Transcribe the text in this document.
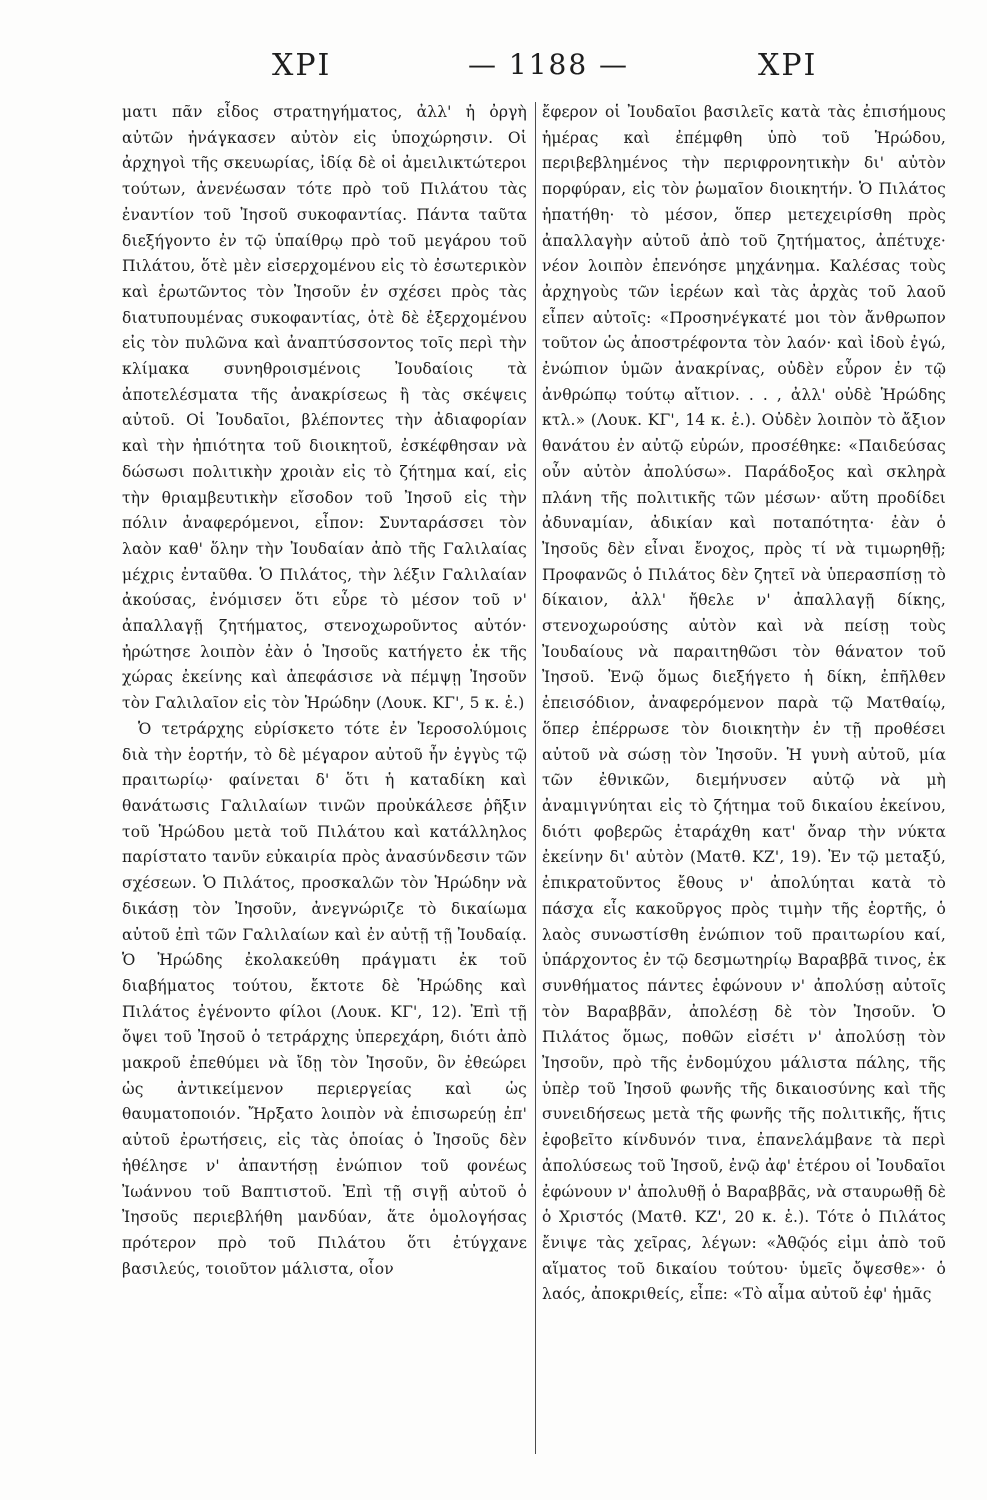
ΧΡΙ	— 1188 —	ΧΡΙ

ματι πᾶν εἶδος στρατηγήματος, ἀλλ' ἡ ὀργὴ αὐτῶν ἠνάγκασεν αὐτὸν εἰς ὑποχώρησιν. Οἱ ἀρχηγοὶ τῆς σκευωρίας, ἰδίᾳ δὲ οἱ ἀμειλικτώτεροι τούτων, ἀνενέωσαν τότε πρὸ τοῦ Πιλάτου τὰς ἐναντίον τοῦ Ἰησοῦ συκοφαντίας. Πάντα ταῦτα διεξήγοντο ἐν τῷ ὑπαίθρῳ πρὸ τοῦ μεγάρου τοῦ Πιλάτου, ὅτὲ μὲν εἰσερχομένου εἰς τὸ ἐσωτερικὸν καὶ ἐρωτῶντος τὸν Ἰησοῦν ἐν σχέσει πρὸς τὰς διατυπουμένας συκοφαντίας, ὁτὲ δὲ ἐξερχομένου εἰς τὸν πυλῶνα καὶ ἀναπτύσσοντος τοῖς περὶ τὴν κλίμακα συνηθροισμένοις Ἰουδαίοις τὰ ἀποτελέσματα τῆς ἀνακρίσεως ἢ τὰς σκέψεις αὐτοῦ. Οἱ Ἰουδαῖοι, βλέποντες τὴν ἀδιαφορίαν καὶ τὴν ἠπιότητα τοῦ διοικητοῦ, ἐσκέφθησαν νὰ δώσωσι πολιτικὴν χροιὰν εἰς τὸ ζήτημα καί, εἰς τὴν θριαμβευτικὴν εἴσοδον τοῦ Ἰησοῦ εἰς τὴν πόλιν ἀναφερόμενοι, εἶπον: Συνταράσσει τὸν λαὸν καθ' ὅλην τὴν Ἰουδαίαν ἀπὸ τῆς Γαλιλαίας μέχρις ἐνταῦθα. Ὁ Πιλάτος, τὴν λέξιν Γαλιλαίαν ἀκούσας, ἐνόμισεν ὅτι εὗρε τὸ μέσον τοῦ ν' ἀπαλλαγῇ ζητήματος, στενοχωροῦντος αὐτόν· ἠρώτησε λοιπὸν ἐὰν ὁ Ἰησοῦς κατήγετο ἐκ τῆς χώρας ἐκείνης καὶ ἀπεφάσισε νὰ πέμψῃ Ἰησοῦν τὸν Γαλιλαῖον εἰς τὸν Ἡρώδην (Λουκ. ΚΓ', 5 κ. ἑ.)

Ὁ τετράρχης εὑρίσκετο τότε ἐν Ἱεροσολύμοις διὰ τὴν ἑορτήν, τὸ δὲ μέγαρον αὐτοῦ ἦν ἐγγὺς τῷ πραιτωρίῳ· φαίνεται δ' ὅτι ἡ καταδίκη καὶ θανάτωσις Γαλιλαίων τινῶν προὐκάλεσε ῥῆξιν τοῦ Ἡρώδου μετὰ τοῦ Πιλάτου καὶ κατάλληλος παρίστατο τανῦν εὐκαιρία πρὸς ἀνασύνδεσιν τῶν σχέσεων. Ὁ Πιλάτος, προσκαλῶν τὸν Ἡρώδην νὰ δικάσῃ τὸν Ἰησοῦν, ἀνεγνώριζε τὸ δικαίωμα αὐτοῦ ἐπὶ τῶν Γαλιλαίων καὶ ἐν αὐτῇ τῇ Ἰουδαίᾳ. Ὁ Ἡρώδης ἐκολακεύθη πράγματι ἐκ τοῦ διαβήματος τούτου, ἔκτοτε δὲ Ἡρώδης καὶ Πιλάτος ἐγένοντο φίλοι (Λουκ. ΚΓ', 12). Ἐπὶ τῇ ὄψει τοῦ Ἰησοῦ ὁ τετράρχης ὑπερεχάρη, διότι ἀπὸ μακροῦ ἐπεθύμει νὰ ἴδῃ τὸν Ἰησοῦν, ὃν ἐθεώρει ὡς ἀντικείμενον περιεργείας καὶ ὡς θαυματοποιόν. Ἤρξατο λοιπὸν νὰ ἐπισωρεύῃ ἐπ' αὐτοῦ ἐρωτήσεις, εἰς τὰς ὁποίας ὁ Ἰησοῦς δὲν ἠθέλησε ν' ἀπαντήσῃ ἐνώπιον τοῦ φονέως Ἰωάννου τοῦ Βαπτιστοῦ. Ἐπὶ τῇ σιγῇ αὐτοῦ ὁ Ἰησοῦς περιεβλήθη μανδύαν, ἅτε ὁμολογήσας πρότερον πρὸ τοῦ Πιλάτου ὅτι ἐτύγχανε βασιλεύς, τοιοῦτον μάλιστα, οἷον

ἔφερον οἱ Ἰουδαῖοι βασιλεῖς κατὰ τὰς ἐπισήμους ἡμέρας καὶ ἐπέμφθη ὑπὸ τοῦ Ἡρώδου, περιβεβλημένος τὴν περιφρονητικὴν δι' αὐτὸν πορφύραν, εἰς τὸν ῥωμαῖον διοικητήν. Ὁ Πιλάτος ἠπατήθη· τὸ μέσον, ὅπερ μετεχειρίσθη πρὸς ἀπαλλαγὴν αὐτοῦ ἀπὸ τοῦ ζητήματος, ἀπέτυχε· νέον λοιπὸν ἐπενόησε μηχάνημα. Καλέσας τοὺς ἀρχηγοὺς τῶν ἱερέων καὶ τὰς ἀρχὰς τοῦ λαοῦ εἶπεν αὐτοῖς: «Προσηνέγκατέ μοι τὸν ἄνθρωπον τοῦτον ὡς ἀποστρέφοντα τὸν λαόν· καὶ ἰδοὺ ἐγώ, ἐνώπιον ὑμῶν ἀνακρίνας, οὐδὲν εὗρον ἐν τῷ ἀνθρώπῳ τούτῳ αἴτιον. . . , ἀλλ' οὐδὲ Ἡρώδης κτλ.» (Λουκ. ΚΓ', 14 κ. ἑ.). Οὐδὲν λοιπὸν τὸ ἄξιον θανάτου ἐν αὐτῷ εὑρών, προσέθηκε: «Παιδεύσας οὖν αὐτὸν ἀπολύσω». Παράδοξος καὶ σκληρὰ πλάνη τῆς πολιτικῆς τῶν μέσων· αὕτη προδίδει ἀδυναμίαν, ἀδικίαν καὶ ποταπότητα· ἐὰν ὁ Ἰησοῦς δὲν εἶναι ἔνοχος, πρὸς τί νὰ τιμωρηθῇ; Προφανῶς ὁ Πιλάτος δὲν ζητεῖ νὰ ὑπερασπίσῃ τὸ δίκαιον, ἀλλ' ἤθελε ν' ἀπαλλαγῇ δίκης, στενοχωρούσης αὐτὸν καὶ νὰ πείσῃ τοὺς Ἰουδαίους νὰ παραιτηθῶσι τὸν θάνατον τοῦ Ἰησοῦ. Ἐνῷ ὅμως διεξήγετο ἡ δίκη, ἐπῆλθεν ἐπεισόδιον, ἀναφερόμενον παρὰ τῷ Ματθαίῳ, ὅπερ ἐπέρρωσε τὸν διοικητὴν ἐν τῇ προθέσει αὐτοῦ νὰ σώσῃ τὸν Ἰησοῦν. Ἡ γυνὴ αὐτοῦ, μία τῶν ἐθνικῶν, διεμήνυσεν αὐτῷ νὰ μὴ ἀναμιγνύηται εἰς τὸ ζήτημα τοῦ δικαίου ἐκείνου, διότι φοβερῶς ἐταράχθη κατ' ὄναρ τὴν νύκτα ἐκείνην δι' αὐτὸν (Ματθ. ΚΖ', 19). Ἐν τῷ μεταξύ, ἐπικρατοῦντος ἔθους ν' ἀπολύηται κατὰ τὸ πάσχα εἷς κακοῦργος πρὸς τιμὴν τῆς ἑορτῆς, ὁ λαὸς συνωστίσθη ἐνώπιον τοῦ πραιτωρίου καί, ὑπάρχοντος ἐν τῷ δεσμωτηρίῳ Βαραββᾶ τινος, ἐκ συνθήματος πάντες ἐφώνουν ν' ἀπολύσῃ αὐτοῖς τὸν Βαραββᾶν, ἀπολέσῃ δὲ τὸν Ἰησοῦν. Ὁ Πιλάτος ὅμως, ποθῶν εἰσέτι ν' ἀπολύσῃ τὸν Ἰησοῦν, πρὸ τῆς ἐνδομύχου μάλιστα πάλης, τῆς ὑπὲρ τοῦ Ἰησοῦ φωνῆς τῆς δικαιοσύνης καὶ τῆς συνειδήσεως μετὰ τῆς φωνῆς τῆς πολιτικῆς, ἥτις ἐφοβεῖτο κίνδυνόν τινα, ἐπανελάμβανε τὰ περὶ ἀπολύσεως τοῦ Ἰησοῦ, ἐνῷ ἀφ' ἑτέρου οἱ Ἰουδαῖοι ἐφώνουν ν' ἀπολυθῇ ὁ Βαραββᾶς, νὰ σταυρωθῇ δὲ ὁ Χριστός (Ματθ. ΚΖ', 20 κ. ἑ.). Τότε ὁ Πιλάτος ἔνιψε τὰς χεῖρας, λέγων: «Ἀθῷός εἰμι ἀπὸ τοῦ αἵματος τοῦ δικαίου τούτου· ὑμεῖς ὄψεσθε»· ὁ λαός, ἀποκριθείς, εἶπε: «Τὸ αἷμα αὐτοῦ ἐφ' ἡμᾶς
